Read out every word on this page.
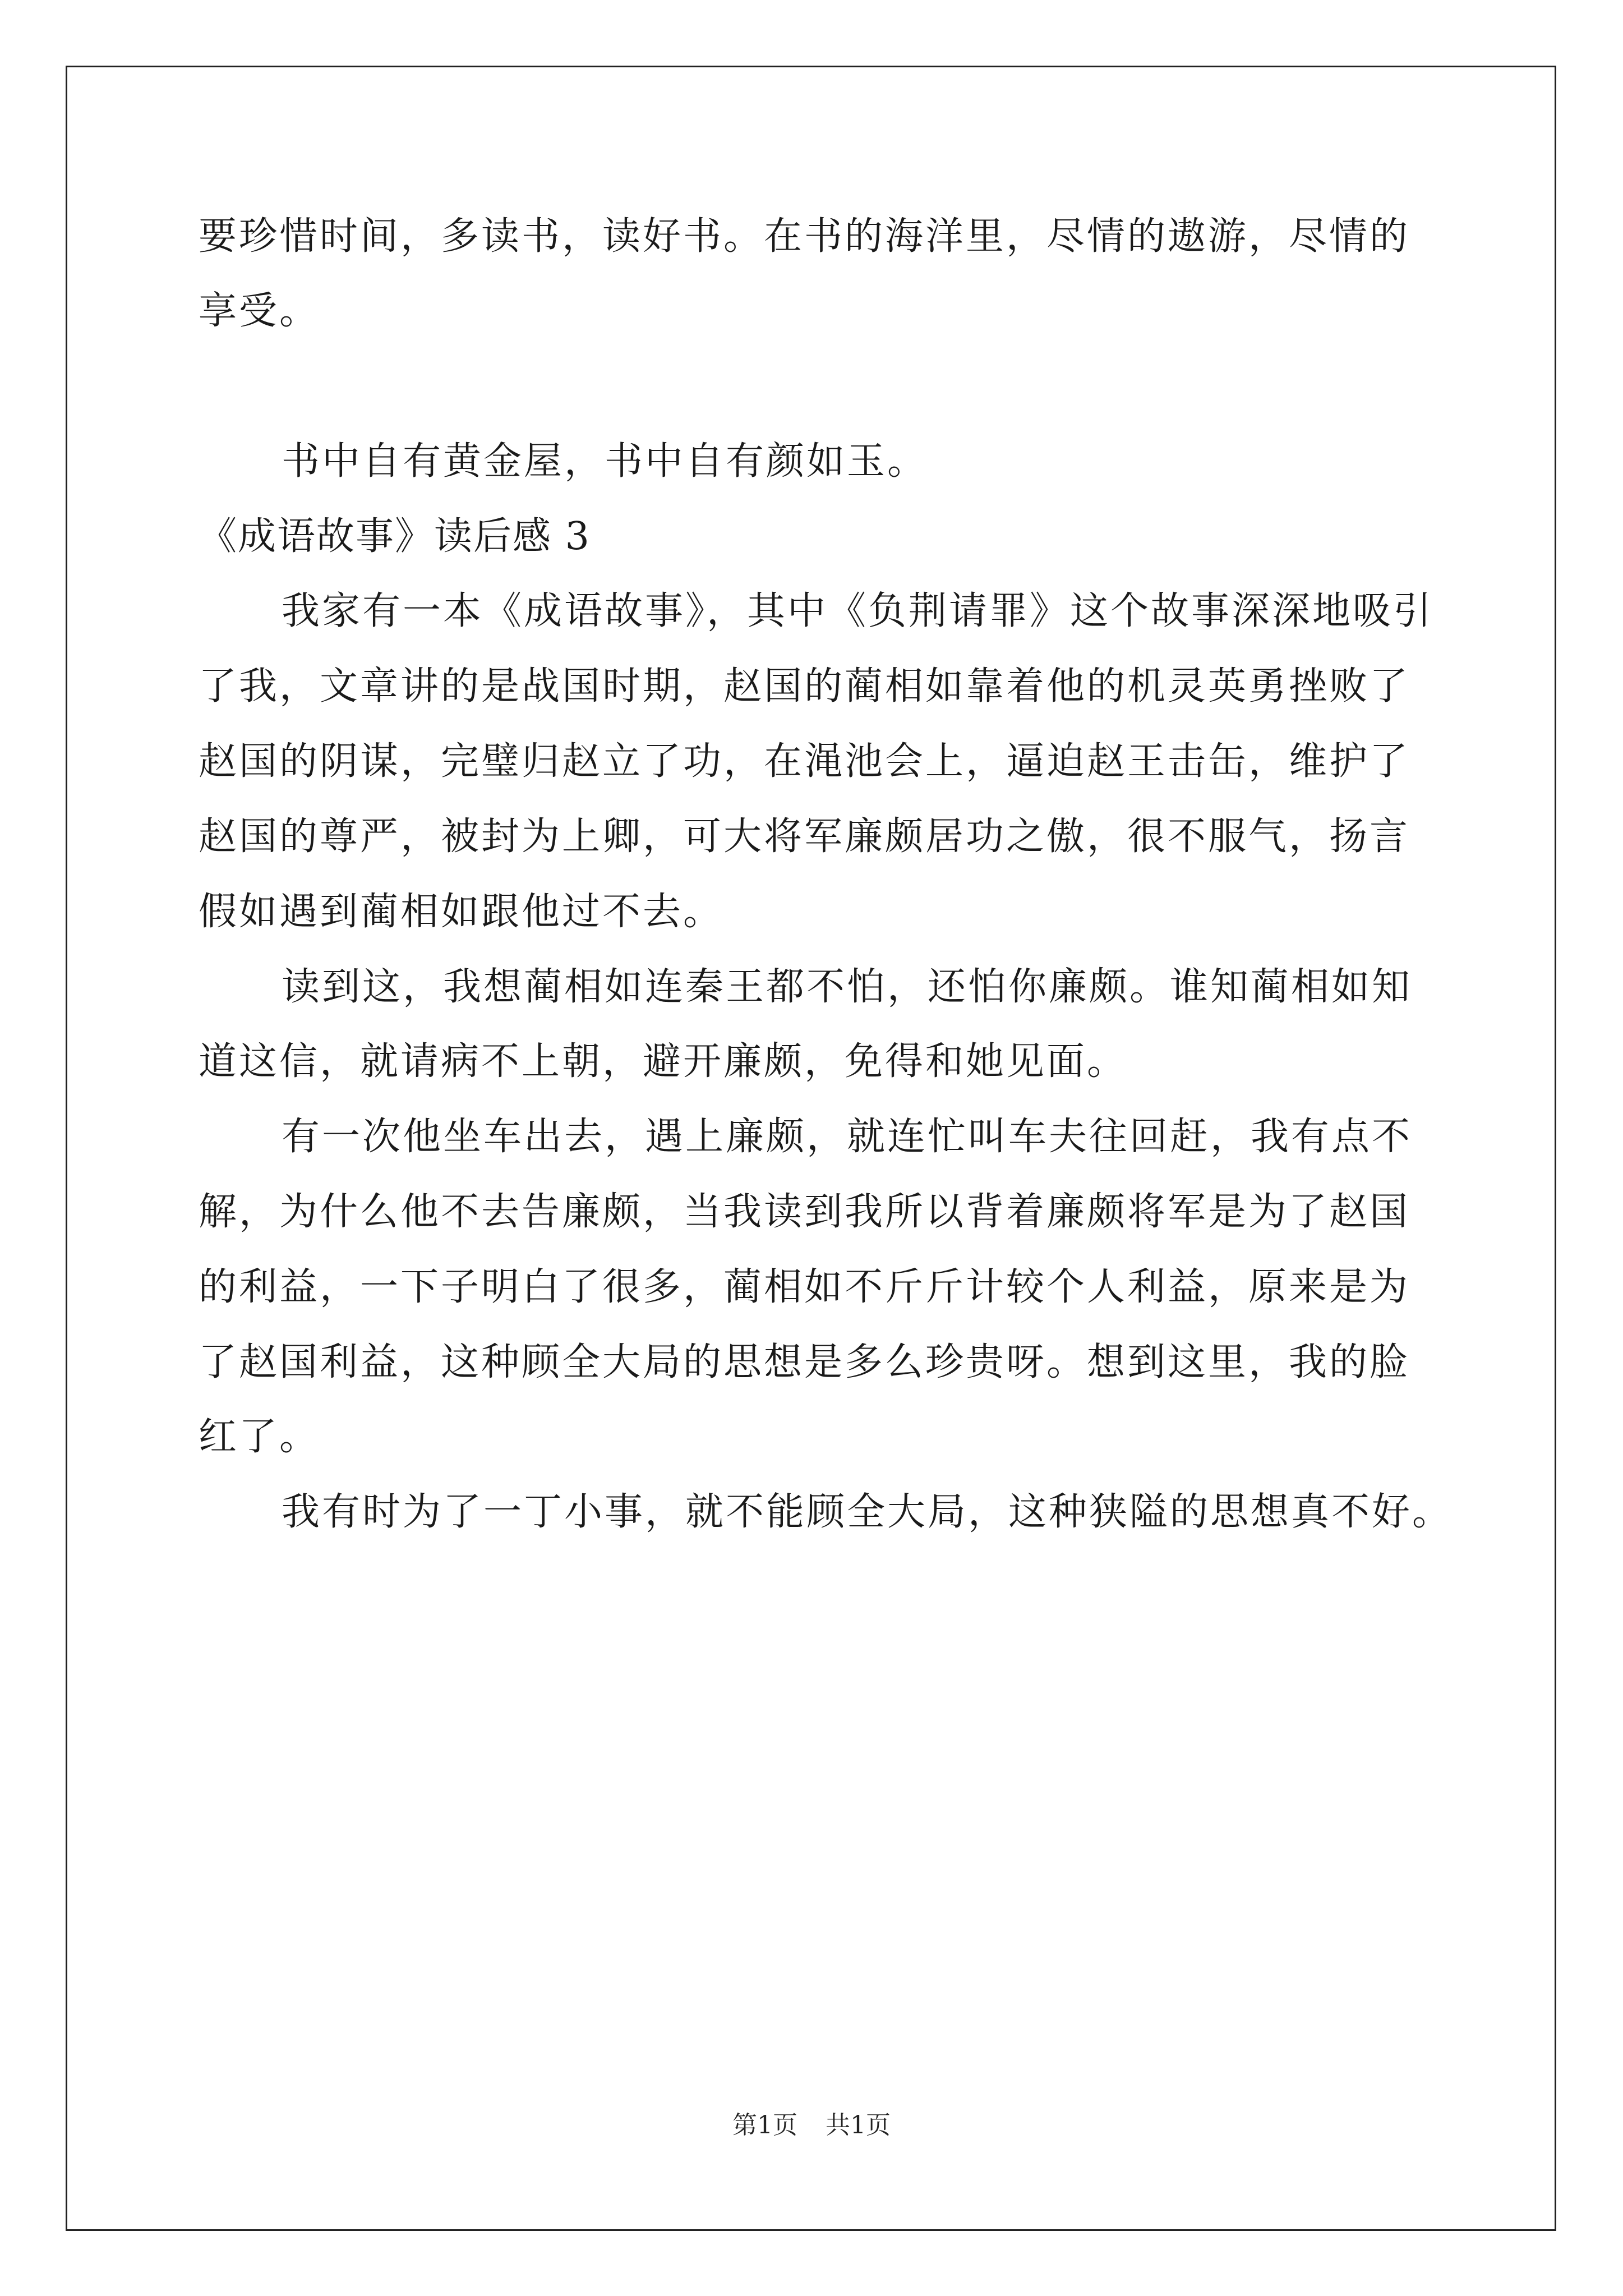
要珍惜时间，多读书，读好书。在书的海洋里，尽情的遨游，尽情的
享受。
书中自有黄金屋，书中自有颜如玉。
《成语故事》读后感 3
我家有一本《成语故事》，其中《负荆请罪》这个故事深深地吸引
了我，文章讲的是战国时期，赵国的蔺相如靠着他的机灵英勇挫败了
赵国的阴谋，完璧归赵立了功，在渑池会上，逼迫赵王击缶，维护了
赵国的尊严，被封为上卿，可大将军廉颇居功之傲，很不服气，扬言
假如遇到蔺相如跟他过不去。
读到这，我想蔺相如连秦王都不怕，还怕你廉颇。谁知蔺相如知
道这信，就请病不上朝，避开廉颇，免得和她见面。
有一次他坐车出去，遇上廉颇，就连忙叫车夫往回赶，我有点不
解，为什么他不去告廉颇，当我读到我所以背着廉颇将军是为了赵国
的利益，一下子明白了很多，蔺相如不斤斤计较个人利益，原来是为
了赵国利益，这种顾全大局的思想是多么珍贵呀。想到这里，我的脸
红了。
我有时为了一丁小事，就不能顾全大局，这种狭隘的思想真不好。
第1页 共1页
